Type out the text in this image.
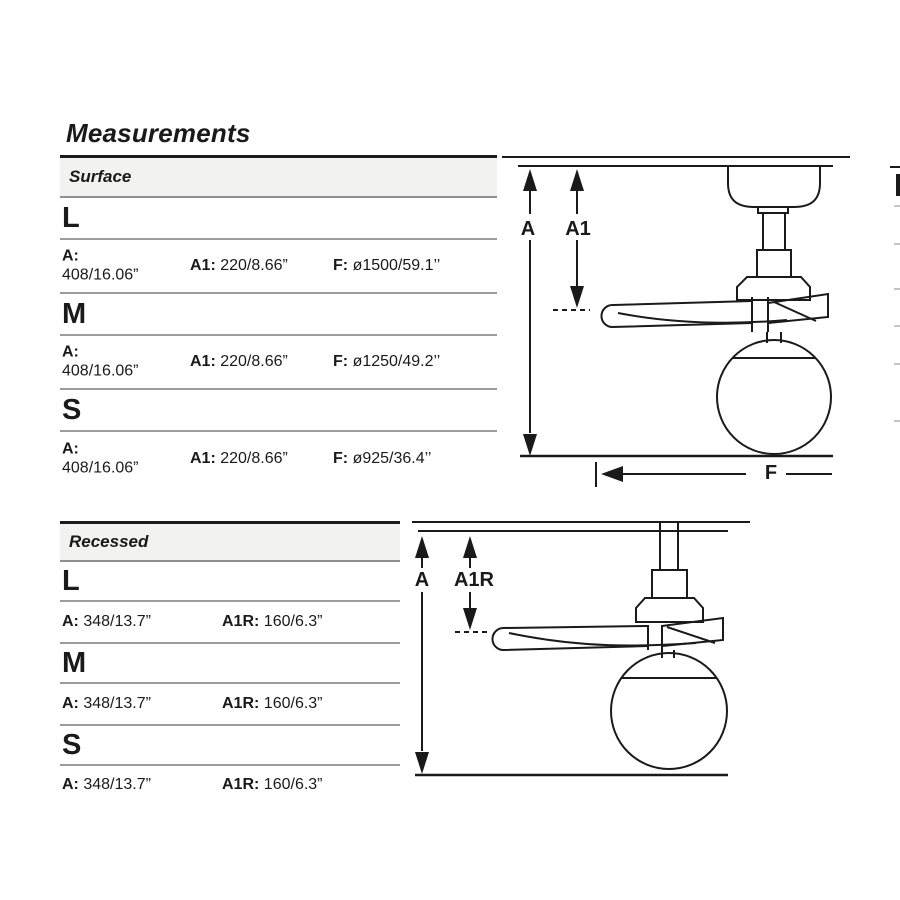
Measurements
Surface
L
A:
408/16.06”
A1: 220/8.66”	F: ø1500/59.1’’
M
A:
408/16.06”
A1: 220/8.66”	F: ø1250/49.2’’
S
A:
408/16.06”
A1: 220/8.66”	F: ø925/36.4’’
Recessed
L
A: 348/13.7”	A1R: 160/6.3”
M
A: 348/13.7”	A1R: 160/6.3”
S
A: 348/13.7”	A1R: 160/6.3”
A A1
F
A A1R
